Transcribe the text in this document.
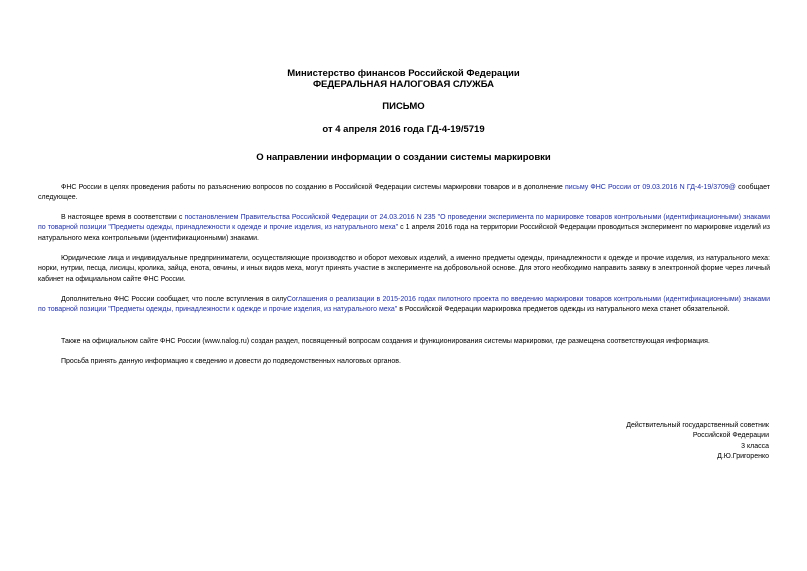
Министерство финансов Российской Федерации
ФЕДЕРАЛЬНАЯ НАЛОГОВАЯ СЛУЖБА
ПИСЬМО
от 4 апреля 2016 года ГД-4-19/5719
О направлении информации о создании системы маркировки
ФНС России в целях проведения работы по разъяснению вопросов по созданию в Российской Федерации системы маркировки товаров и в дополнение письму ФНС России от 09.03.2016 N ГД-4-19/3709@ сообщает следующее.
В настоящее время в соответствии с постановлением Правительства Российской Федерации от 24.03.2016 N 235 "О проведении эксперимента по маркировке товаров контрольными (идентификационными) знаками по товарной позиции "Предметы одежды, принадлежности к одежде и прочие изделия, из натурального меха" с 1 апреля 2016 года на территории Российской Федерации проводиться эксперимент по маркировке изделий из натурального меха контрольными (идентификационными) знаками.
Юридические лица и индивидуальные предприниматели, осуществляющие производство и оборот меховых изделий, а именно предметы одежды, принадлежности к одежде и прочие изделия, из натурального меха: норки, нутрии, песца, лисицы, кролика, зайца, енота, овчины, и иных видов меха, могут принять участие в эксперименте на добровольной основе. Для этого необходимо направить заявку в электронной форме через личный кабинет на официальном сайте ФНС России.
Дополнительно ФНС России сообщает, что после вступления в силуСоглашения о реализации в 2015-2016 годах пилотного проекта по введению маркировки товаров контрольными (идентификационными) знаками по товарной позиции "Предметы одежды, принадлежности к одежде и прочие изделия, из натурального меха" в Российской Федерации маркировка предметов одежды из натурального меха станет обязательной.
Также на официальном сайте ФНС России (www.nalog.ru) создан раздел, посвященный вопросам создания и функционирования системы маркировки, где размещена соответствующая информация.
Просьба принять данную информацию к сведению и довести до подведомственных налоговых органов.
Действительный государственный советник
Российской Федерации
3 класса
Д.Ю.Григоренко
